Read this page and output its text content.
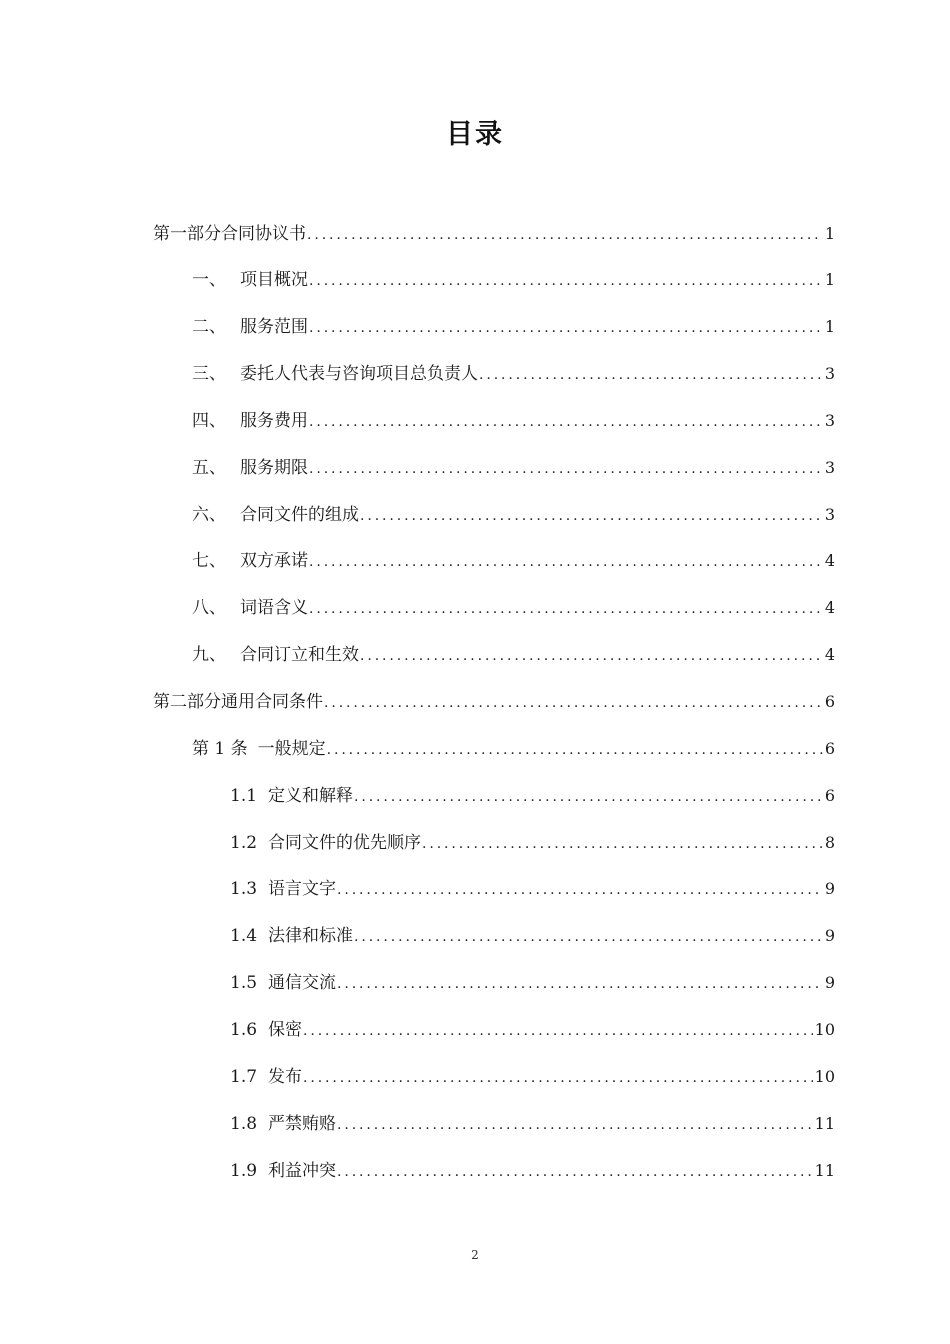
目录
第一部分合同协议书 .....	1
一、 项目概况 .....	1
二、 服务范围 .....	1
三、 委托人代表与咨询项目总负责人 .....	3
四、 服务费用 .....	3
五、 服务期限 .....	3
六、 合同文件的组成 .....	3
七、 双方承诺 .....	4
八、 词语含义 .....	4
九、 合同订立和生效 .....	4
第二部分通用合同条件 .....	6
第 1 条 一般规定 .....	6
1.1 定义和解释 .....	6
1.2 合同文件的优先顺序 .....	8
1.3 语言文字 .....	9
1.4 法律和标准 .....	9
1.5 通信交流 .....	9
1.6 保密 .....	10
1.7 发布 .....	10
1.8 严禁贿赂 .....	11
1.9 利益冲突 .....	11
2
